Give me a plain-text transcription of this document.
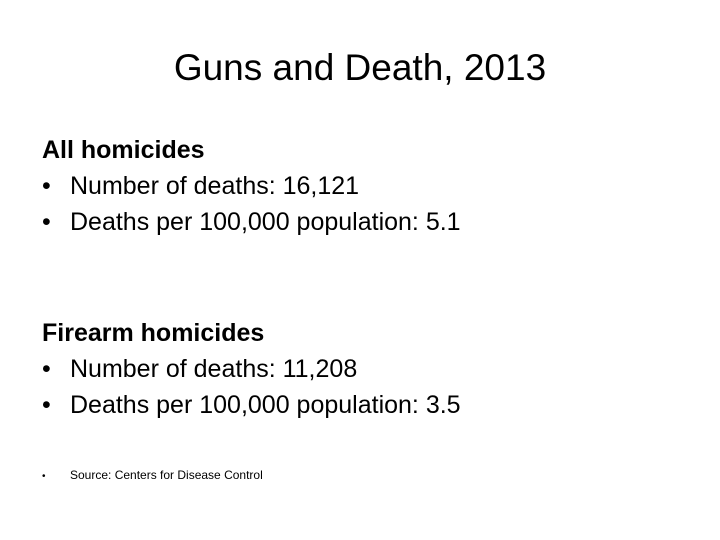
Guns and Death, 2013
All homicides
• Number of deaths: 16,121
• Deaths per 100,000 population: 5.1
Firearm homicides
• Number of deaths: 11,208
• Deaths per 100,000 population: 3.5
•	Source: Centers for Disease Control
